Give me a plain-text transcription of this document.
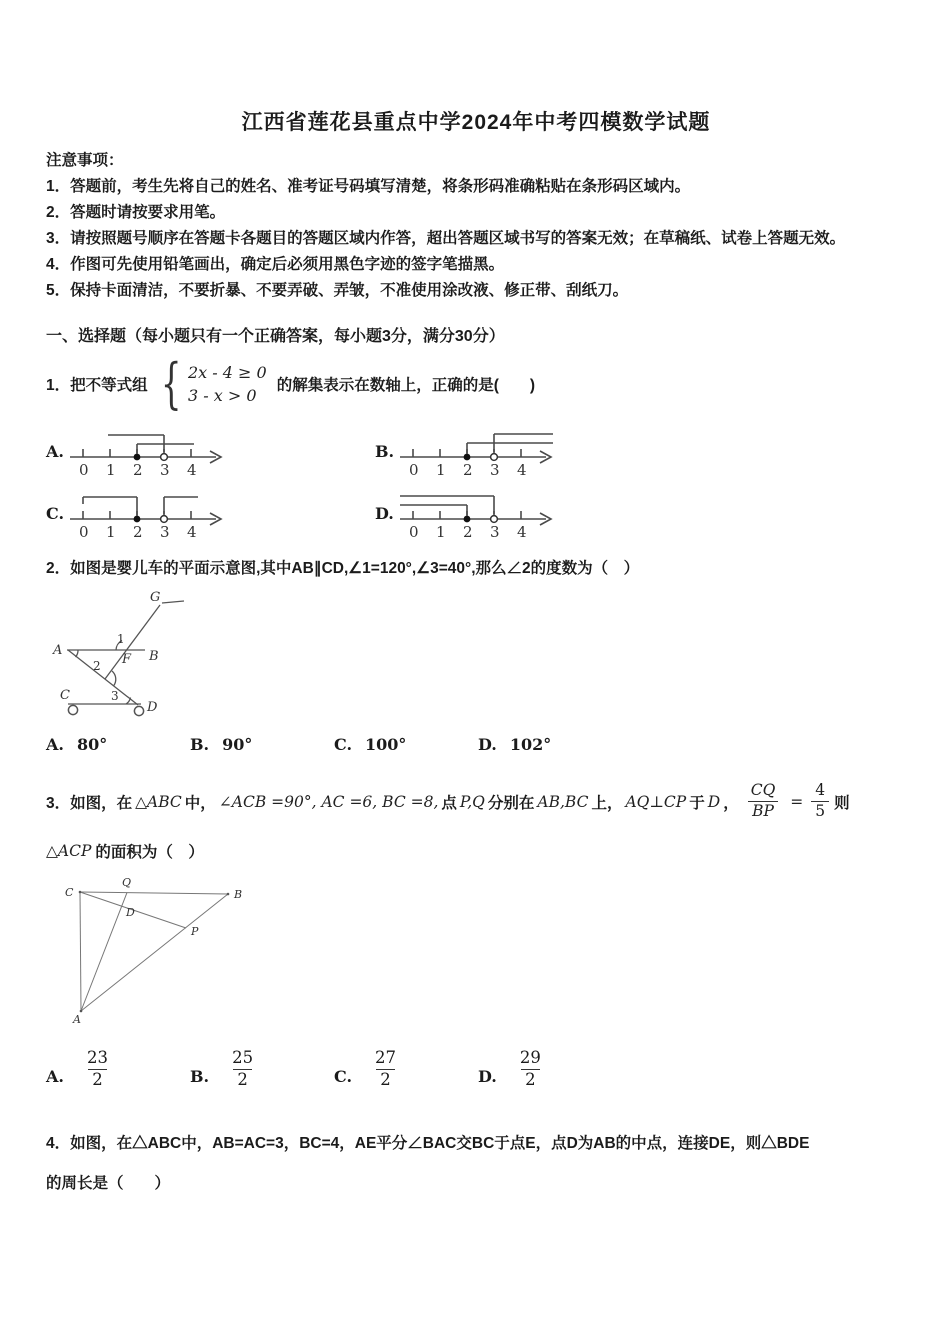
江西省莲花县重点中学2024年中考四模数学试题
注意事项：
1．答题前，考生先将自己的姓名、准考证号码填写清楚，将条形码准确粘贴在条形码区域内。
2．答题时请按要求用笔。
3．请按照题号顺序在答题卡各题目的答题区域内作答，超出答题区域书写的答案无效；在草稿纸、试卷上答题无效。
4．作图可先使用铅笔画出，确定后必须用黑色字迹的签字笔描黑。
5．保持卡面清洁，不要折暴、不要弄破、弄皱，不准使用涂改液、修正带、刮纸刀。
一、选择题（每小题只有一个正确答案，每小题3分，满分30分）
1．把不等式组 { 2x - 4 ≥ 0
3 - x > 0
的解集表示在数轴上，正确的是(　　)
A.
0 1 2 3 4
B.
0 1 2 3 4
C.
0 1 2 3 4
D.
0 1 2 3 4
2．如图是婴儿车的平面示意图,其中AB∥CD,∠1=120°,∠3=40°,那么∠2的度数为（　）
G
A	B
F
C
D
1
2
3
A. 80°	B. 90°	C. 100°	D. 102°
3．如图，在 △ABC 中， ∠ACB =90°, AC =6, BC =8, 点 P,Q 分别在 AB,BC 上， AQ⊥CP 于 D ， $\frac{CQ}{BP} = \frac{4}{5}$ 则
△ACP 的面积为（　）
C	B
A
Q
D
P
A. $\frac{23}{2}$	B. $\frac{25}{2}$	C. $\frac{27}{2}$	D. $\frac{29}{2}$
4．如图，在△ABC中，AB=AC=3，BC=4，AE平分∠BAC交BC于点E，点D为AB的中点，连接DE，则△BDE
的周长是（　　）
